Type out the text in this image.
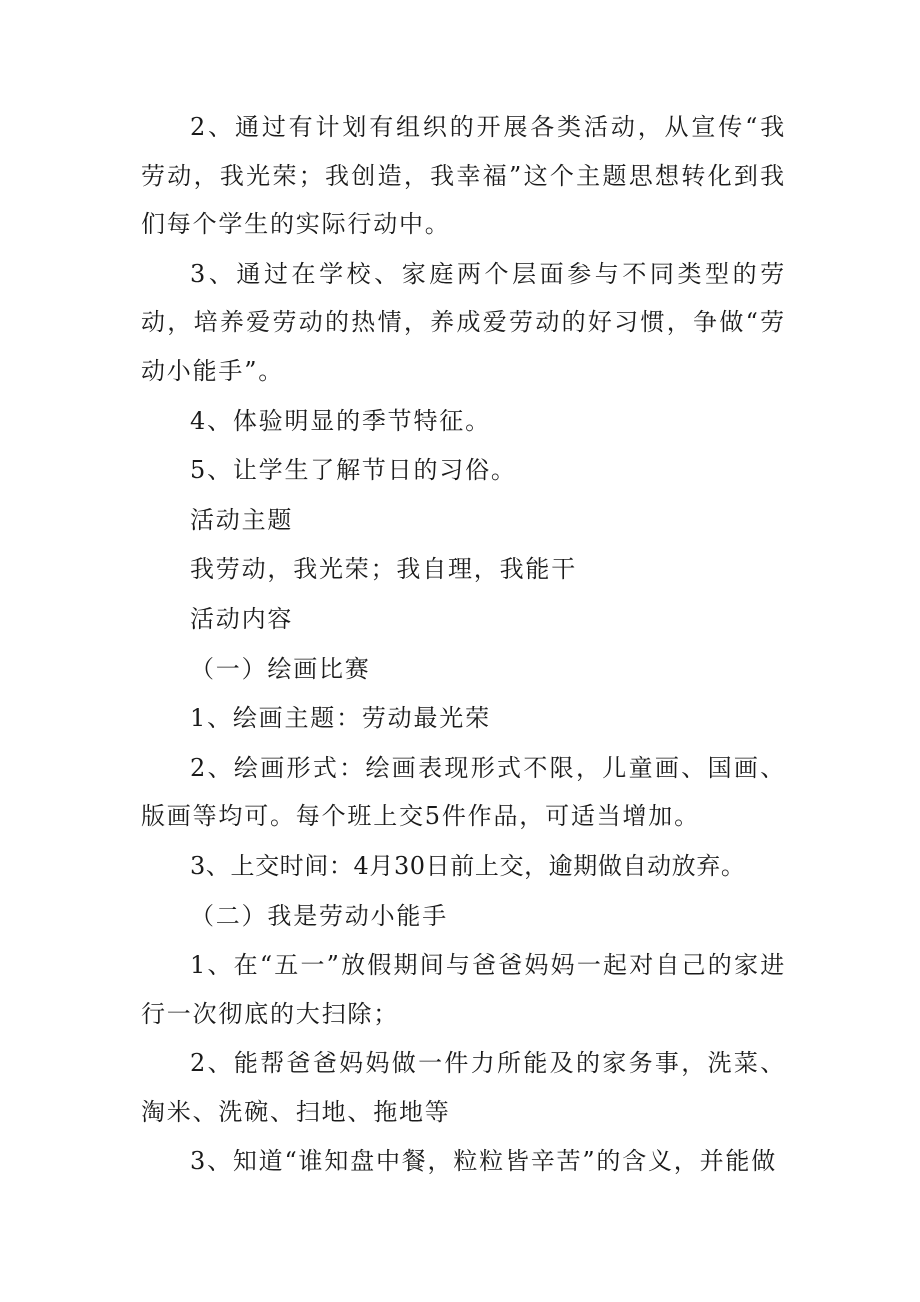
2、通过有计划有组织的开展各类活动，从宣传“我劳动，我光荣；我创造，我幸福”这个主题思想转化到我们每个学生的实际行动中。

3、通过在学校、家庭两个层面参与不同类型的劳动，培养爱劳动的热情，养成爱劳动的好习惯，争做“劳动小能手”。

4、体验明显的季节特征。

5、让学生了解节日的习俗。

活动主题

我劳动，我光荣；我自理，我能干

活动内容

（一）绘画比赛

1、绘画主题：劳动最光荣

2、绘画形式：绘画表现形式不限，儿童画、国画、版画等均可。每个班上交5件作品，可适当增加。

3、上交时间：4月30日前上交，逾期做自动放弃。

（二）我是劳动小能手

1、在“五一”放假期间与爸爸妈妈一起对自己的家进行一次彻底的大扫除；

2、能帮爸爸妈妈做一件力所能及的家务事，洗菜、淘米、洗碗、扫地、拖地等

3、知道“谁知盘中餐，粒粒皆辛苦”的含义，并能做
